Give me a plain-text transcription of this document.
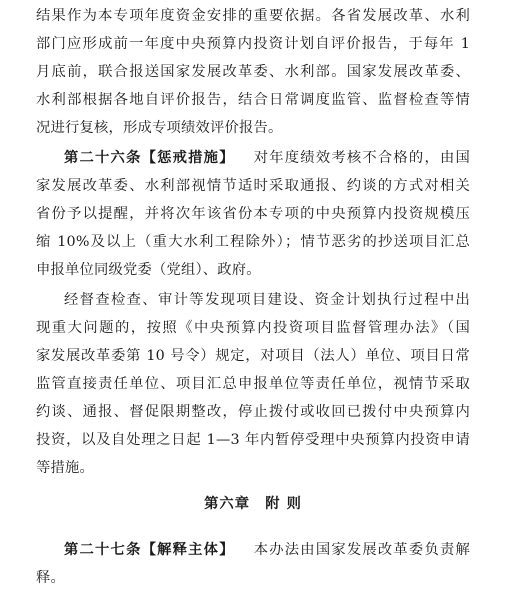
结果作为本专项年度资金安排的重要依据。各省发展改革、水利
部门应形成前一年度中央预算内投资计划自评价报告，于每年 1
月底前，联合报送国家发展改革委、水利部。国家发展改革委、
水利部根据各地自评价报告，结合日常调度监管、监督检查等情
况进行复核，形成专项绩效评价报告。
第二十六条【惩戒措施】 对年度绩效考核不合格的，由国
家发展改革委、水利部视情节适时采取通报、约谈的方式对相关
省份予以提醒，并将次年该省份本专项的中央预算内投资规模压
缩 10%及以上（重大水利工程除外）；情节恶劣的抄送项目汇总
申报单位同级党委（党组）、政府。
经督查检查、审计等发现项目建设、资金计划执行过程中出
现重大问题的，按照《中央预算内投资项目监督管理办法》（国
家发展改革委第 10 号令）规定，对项目（法人）单位、项目日常
监管直接责任单位、项目汇总申报单位等责任单位，视情节采取
约谈、通报、督促限期整改，停止拨付或收回已拨付中央预算内
投资，以及自处理之日起 1—3 年内暂停受理中央预算内投资申请
等措施。
第六章　附 则
第二十七条【解释主体】 本办法由国家发展改革委负责解
释。
